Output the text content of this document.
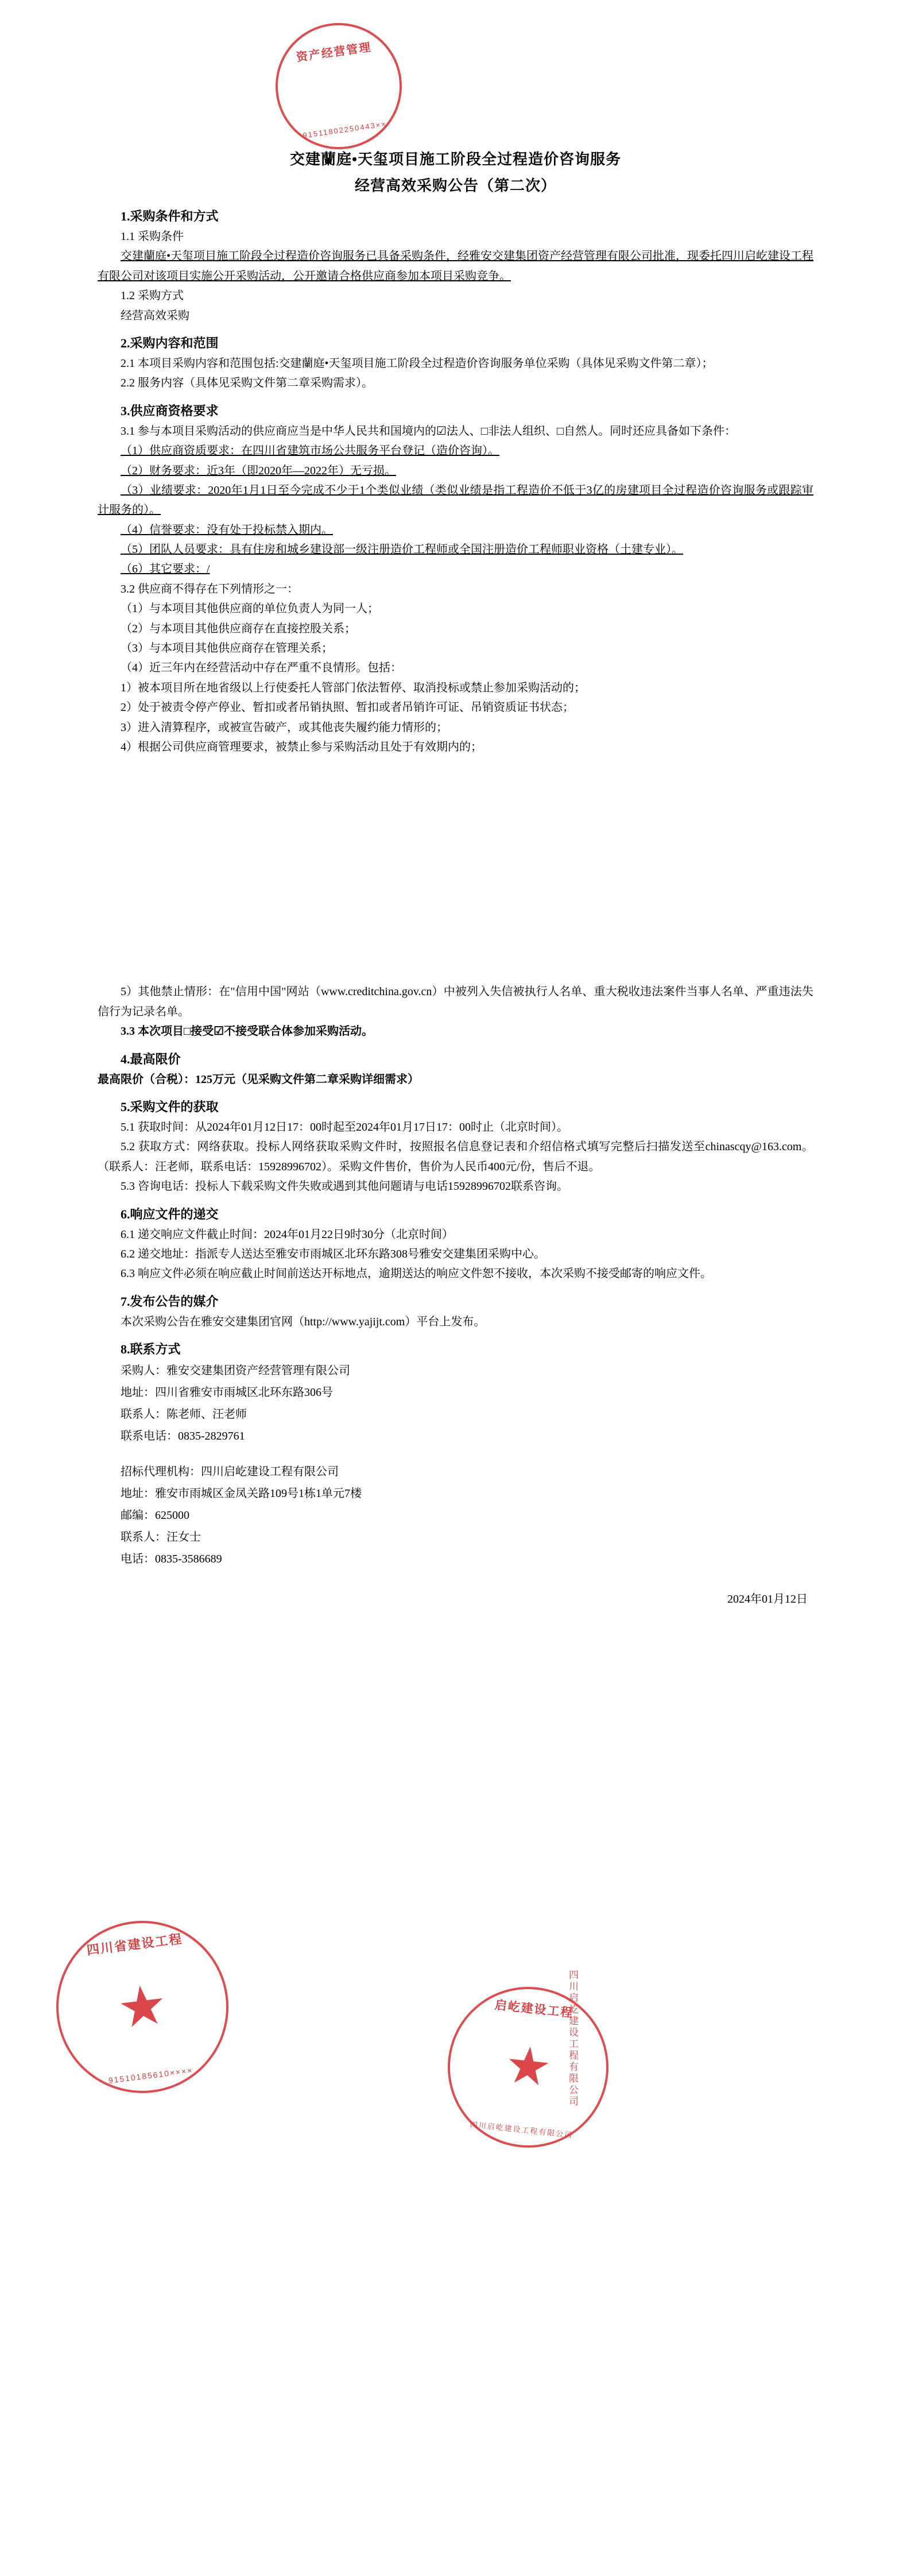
资产经营管理
91511802250443××
四川省建设工程
★
91510185610××××
启屹建设工程
★
四川启屹建设工程有限公司
四川启屹建设工程有限公司
交建蘭庭•天玺项目施工阶段全过程造价咨询服务
经营高效采购公告（第二次）
1.采购条件和方式

1.1 采购条件

交建蘭庭•天玺项目施工阶段全过程造价咨询服务已具备采购条件，经雅安交建集团资产经营管理有限公司批准，现委托四川启屹建设工程有限公司对该项目实施公开采购活动，公开邀请合格供应商参加本项目采购竞争。

1.2 采购方式

经营高效采购

2.采购内容和范围

2.1 本项目采购内容和范围包括:交建蘭庭•天玺项目施工阶段全过程造价咨询服务单位采购（具体见采购文件第二章）；

2.2 服务内容（具体见采购文件第二章采购需求）。

3.供应商资格要求

3.1 参与本项目采购活动的供应商应当是中华人民共和国境内的☑法人、□非法人组织、□自然人。同时还应具备如下条件：

（1）供应商资质要求：在四川省建筑市场公共服务平台登记（造价咨询）。

（2）财务要求：近3年（即2020年—2022年）无亏损。

（3）业绩要求：2020年1月1日至今完成不少于1个类似业绩（类似业绩是指工程造价不低于3亿的房建项目全过程造价咨询服务或跟踪审计服务的）。

（4）信誉要求：没有处于投标禁入期内。

（5）团队人员要求：具有住房和城乡建设部一级注册造价工程师或全国注册造价工程师职业资格（土建专业）。

（6）其它要求：/

3.2 供应商不得存在下列情形之一：

（1）与本项目其他供应商的单位负责人为同一人；

（2）与本项目其他供应商存在直接控股关系；

（3）与本项目其他供应商存在管理关系；

（4）近三年内在经营活动中存在严重不良情形。包括：

1）被本项目所在地省级以上行使委托人管部门依法暂停、取消投标或禁止参加采购活动的；

2）处于被责令停产停业、暂扣或者吊销执照、暂扣或者吊销许可证、吊销资质证书状态；

3）进入清算程序，或被宣告破产，或其他丧失履约能力情形的；

4）根据公司供应商管理要求，被禁止参与采购活动且处于有效期内的；

5）其他禁止情形：在"信用中国"网站（www.creditchina.gov.cn）中被列入失信被执行人名单、重大税收违法案件当事人名单、严重违法失信行为记录名单。

3.3 本次项目□接受☑不接受联合体参加采购活动。

4.最高限价

最高限价（合税）：125万元（见采购文件第二章采购详细需求）

5.采购文件的获取

5.1 获取时间：从2024年01月12日17：00时起至2024年01月17日17：00时止（北京时间）。

5.2 获取方式：网络获取。投标人网络获取采购文件时，按照报名信息登记表和介绍信格式填写完整后扫描发送至chinascqy@163.com。（联系人：汪老师，联系电话：15928996702）。采购文件售价，售价为人民币400元/份，售后不退。

5.3 咨询电话：投标人下载采购文件失败或遇到其他问题请与电话15928996702联系咨询。

6.响应文件的递交

6.1 递交响应文件截止时间：2024年01月22日9时30分（北京时间）

6.2 递交地址：指派专人送达至雅安市雨城区北环东路308号雅安交建集团采购中心。

6.3 响应文件必须在响应截止时间前送达开标地点，逾期送达的响应文件恕不接收，本次采购不接受邮寄的响应文件。

7.发布公告的媒介

本次采购公告在雅安交建集团官网（http://www.yajijt.com）平台上发布。

8.联系方式

采购人：雅安交建集团资产经营管理有限公司

地址：四川省雅安市雨城区北环东路306号

联系人：陈老师、汪老师

联系电话：0835-2829761

招标代理机构：四川启屹建设工程有限公司

地址：雅安市雨城区金凤关路109号1栋1单元7楼

邮编：625000

联系人：汪女士

电话：0835-3586689

2024年01月12日
